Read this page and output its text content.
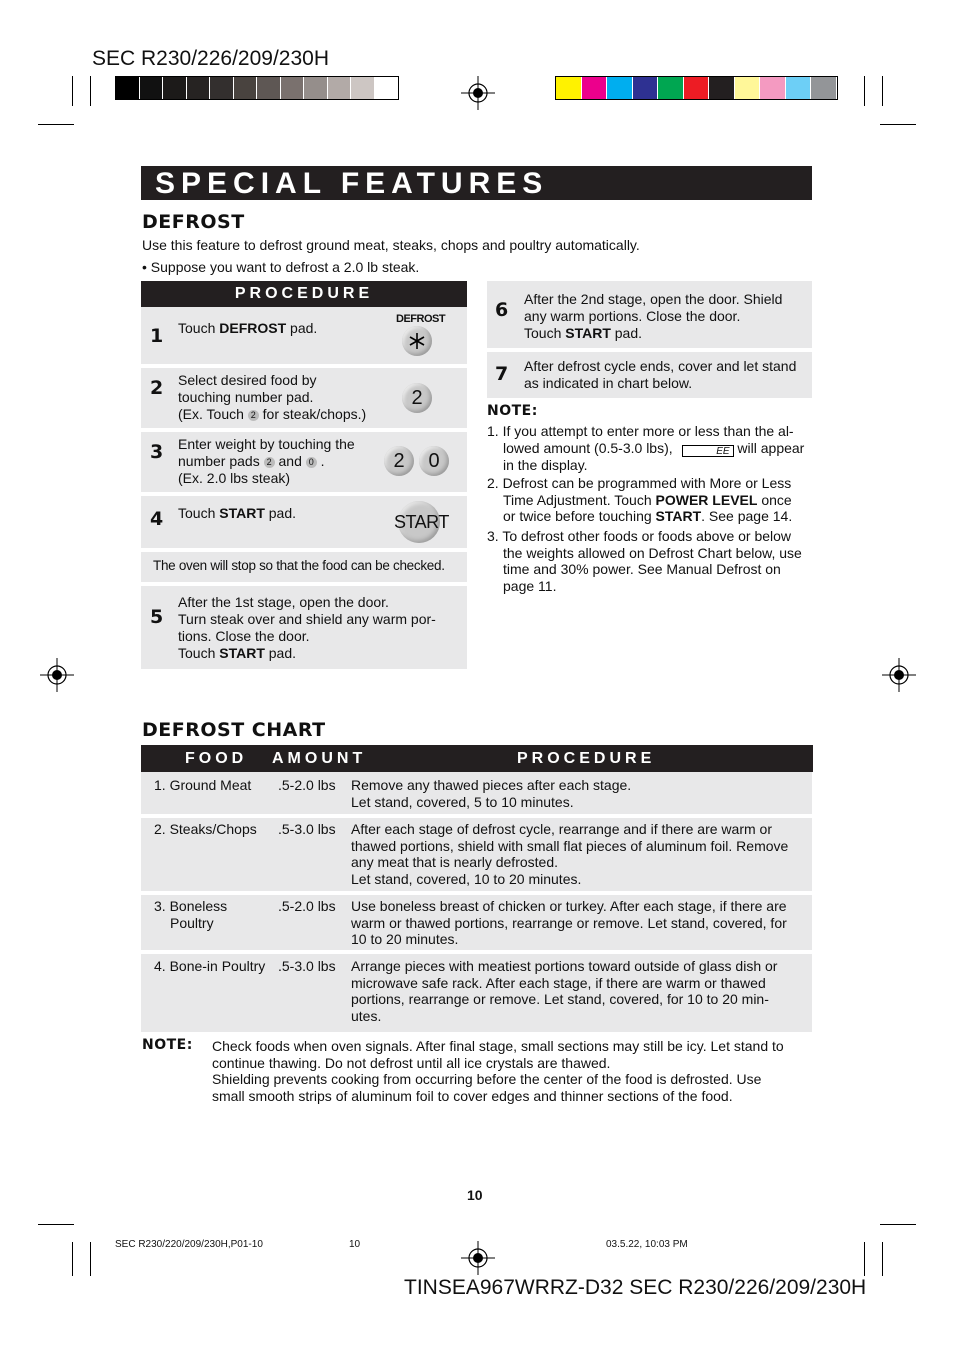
SEC R230/226/209/230H
SPECIAL FEATURES
DEFROST
Use this feature to defrost ground meat, steaks, chops and poultry automatically.
• Suppose you want to defrost a 2.0 lb steak.
PROCEDURE
1 Touch DEFROST pad.
DEFROST
2 Select desired food by
touching number pad.
(Ex. Touch 2 for steak/chops.)
2
3 Enter weight by touching the
number pads 2 and 0 .
(Ex. 2.0 lbs steak)
2	0
4 Touch START pad.	START
The oven will stop so that the food can be checked.
5
After the 1st stage, open the door.
Turn steak over and shield any warm por-
tions. Close the door.
Touch START pad.
6 After the 2nd stage, open the door. Shield
any warm portions. Close the door.
Touch START pad.
7 After defrost cycle ends, cover and let stand
as indicated in chart below.
NOTE:
1. If you attempt to enter more or less than the al-
lowed amount (0.5-3.0 lbs),	EE will appear
in the display.
2. Defrost can be programmed with More or Less
Time Adjustment. Touch POWER LEVEL once
or twice before touching START. See page 14.
3. To defrost other foods or foods above or below
the weights allowed on Defrost Chart below, use
time and 30% power. See Manual Defrost on
page 11.
DEFROST CHART
FOOD AMOUNT	PROCEDURE
1. Ground Meat .5-2.0 lbs Remove any thawed pieces after each stage.
Let stand, covered, 5 to 10 minutes.
2. Steaks/Chops .5-3.0 lbs After each stage of defrost cycle, rearrange and if there are warm or
thawed portions, shield with small flat pieces of aluminum foil. Remove
any meat that is nearly defrosted.
Let stand, covered, 10 to 20 minutes.
3. Boneless
Poultry
.5-2.0 lbs Use boneless breast of chicken or turkey. After each stage, if there are
warm or thawed portions, rearrange or remove. Let stand, covered, for
10 to 20 minutes.
4. Bone-in Poultry .5-3.0 lbs Arrange pieces with meatiest portions toward outside of glass dish or
microwave safe rack. After each stage, if there are warm or thawed
portions, rearrange or remove. Let stand, covered, for 10 to 20 min-
utes.
NOTE: Check foods when oven signals. After final stage, small sections may still be icy. Let stand to
continue thawing. Do not defrost until all ice crystals are thawed.
Shielding prevents cooking from occurring before the center of the food is defrosted. Use
small smooth strips of aluminum foil to cover edges and thinner sections of the food.
10
SEC R230/220/209/230H,P01-10	10	03.5.22, 10:03 PM
TINSEA967WRRZ-D32 SEC R230/226/209/230H
